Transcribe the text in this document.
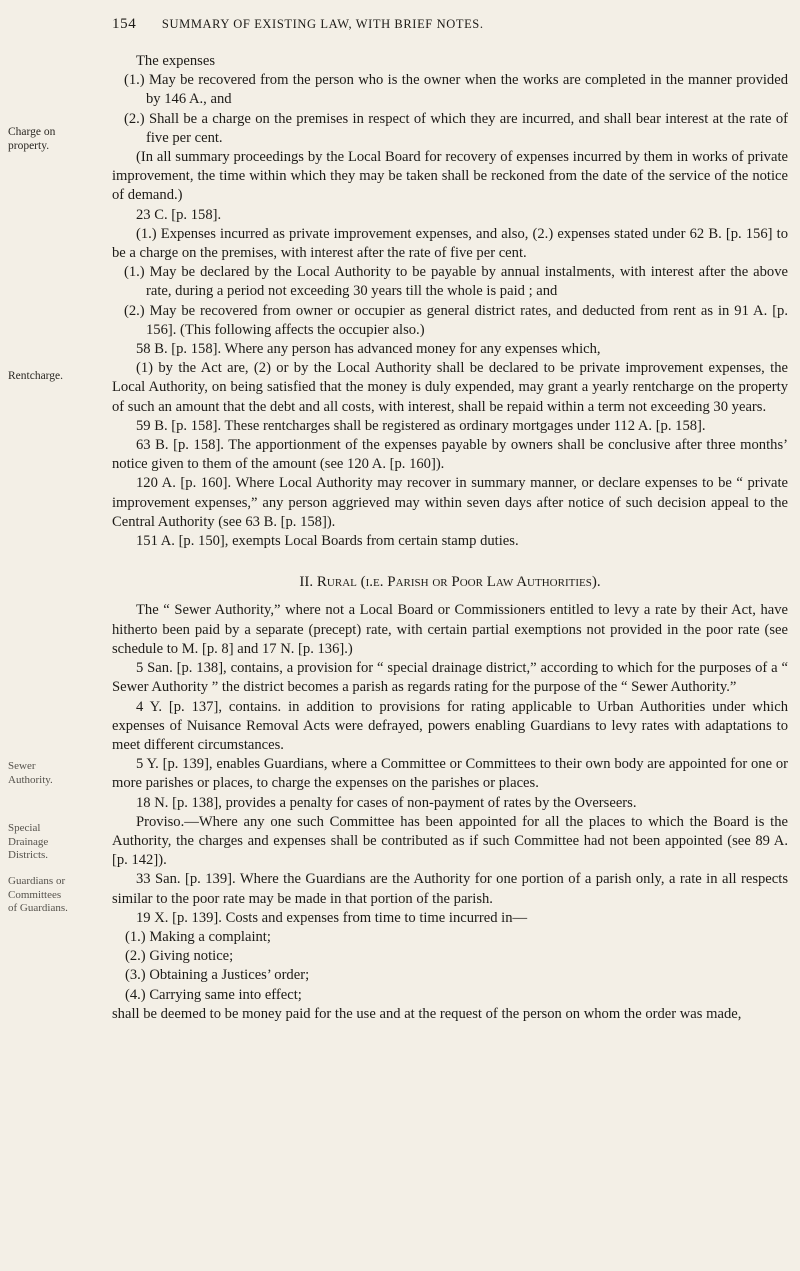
154 SUMMARY OF EXISTING LAW, WITH BRIEF NOTES.
Charge on property.
Rentcharge.
Sewer Authority.
Special Drainage Districts.
Guardians or Committees of Guardians.

The expenses

(1.) May be recovered from the person who is the owner when the works are completed in the manner provided by 146 A., and

(2.) Shall be a charge on the premises in respect of which they are incurred, and shall bear interest at the rate of five per cent.

(In all summary proceedings by the Local Board for recovery of expenses incurred by them in works of private improvement, the time within which they may be taken shall be reckoned from the date of the service of the notice of demand.)

23 C. [p. 158].

(1.) Expenses incurred as private improvement expenses, and also, (2.) expenses stated under 62 B. [p. 156] to be a charge on the premises, with interest after the rate of five per cent.

(1.) May be declared by the Local Authority to be payable by annual instalments, with interest after the above rate, during a period not exceeding 30 years till the whole is paid ; and

(2.) May be recovered from owner or occupier as general district rates, and deducted from rent as in 91 A. [p. 156]. (This following affects the occupier also.)

58 B. [p. 158]. Where any person has advanced money for any expenses which,

(1) by the Act are, (2) or by the Local Authority shall be declared to be private improvement expenses, the Local Authority, on being satisfied that the money is duly expended, may grant a yearly rentcharge on the property of such an amount that the debt and all costs, with interest, shall be repaid within a term not exceeding 30 years.

59 B. [p. 158]. These rentcharges shall be registered as ordinary mortgages under 112 A. [p. 158].

63 B. [p. 158]. The apportionment of the expenses payable by owners shall be conclusive after three months’ notice given to them of the amount (see 120 A. [p. 160]).

120 A. [p. 160]. Where Local Authority may recover in summary manner, or declare expenses to be “ private improvement expenses,” any person aggrieved may within seven days after notice of such decision appeal to the Central Authority (see 63 B. [p. 158]).

151 A. [p. 150], exempts Local Boards from certain stamp duties.

II. Rural (i.e. Parish or Poor Law Authorities).

The “ Sewer Authority,” where not a Local Board or Commissioners entitled to levy a rate by their Act, have hitherto been paid by a separate (precept) rate, with certain partial exemptions not provided in the poor rate (see schedule to M. [p. 8] and 17 N. [p. 136].)

5 San. [p. 138], contains, a provision for “ special drainage district,” according to which for the purposes of a “ Sewer Authority ” the district becomes a parish as regards rating for the purpose of the “ Sewer Authority.”

4 Y. [p. 137], contains. in addition to provisions for rating applicable to Urban Authorities under which expenses of Nuisance Removal Acts were defrayed, powers enabling Guardians to levy rates with adaptations to meet different circumstances.

5 Y. [p. 139], enables Guardians, where a Committee or Committees to their own body are appointed for one or more parishes or places, to charge the expenses on the parishes or places.

18 N. [p. 138], provides a penalty for cases of non-payment of rates by the Overseers.

Proviso.—Where any one such Committee has been appointed for all the places to which the Board is the Authority, the charges and expenses shall be contributed as if such Committee had not been appointed (see 89 A. [p. 142]).

33 San. [p. 139]. Where the Guardians are the Authority for one portion of a parish only, a rate in all respects similar to the poor rate may be made in that portion of the parish.

19 X. [p. 139]. Costs and expenses from time to time incurred in—

(1.) Making a complaint;

(2.) Giving notice;

(3.) Obtaining a Justices’ order;

(4.) Carrying same into effect;

shall be deemed to be money paid for the use and at the request of the person on whom the order was made,
